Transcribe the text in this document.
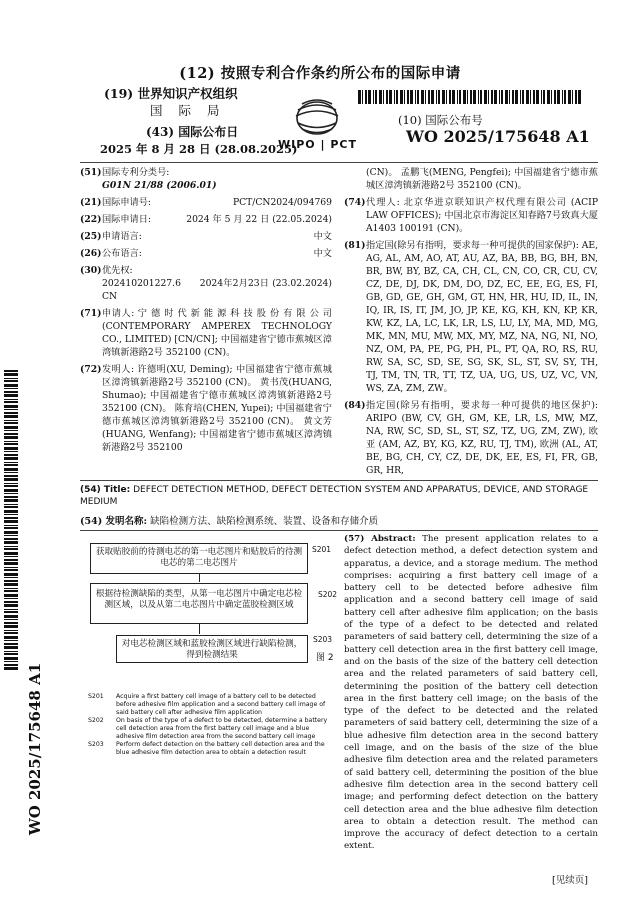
(12) 按照专利合作条约所公布的国际申请
(19) 世界知识产权组织
国 际 局
(43) 国际公布日
2025 年 8 月 28 日 (28.08.2025)
WIPO | PCT
(10) 国际公布号
WO 2025/175648 A1
(51) 国际专利分类号:
G01N 21/88 (2006.01)
(21) 国际申请号:	PCT/CN2024/094769
(22) 国际申请日:	2024 年 5 月 22 日 (22.05.2024)
(25) 申请语言:	中文
(26) 公布语言:	中文
(30) 优先权:
202410201227.6　　2024年2月23日 (23.02.2024)　CN
(71) 申请人: 宁 德 时 代 新 能 源 科 技 股 份 有 限 公 司 (CONTEMPORARY AMPEREX TECHNOLOGY CO., LIMITED) [CN/CN]; 中国福建省宁德市蕉城区漳湾镇新港路2号 352100 (CN)。
(72) 发明人: 许德明(XU, Deming); 中国福建省宁德市蕉城区漳湾镇新港路2号 352100 (CN)。 黄书茂(HUANG, Shumao); 中国福建省宁德市蕉城区漳湾镇新港路2号 352100 (CN)。 陈育培(CHEN, Yupei); 中国福建省宁德市蕉城区漳湾镇新港路2号 352100 (CN)。 黄文芳(HUANG, Wenfang); 中国福建省宁德市蕉城区漳湾镇新港路2号 352100
(CN)。 孟鹏飞(MENG, Pengfei); 中国福建省宁德市蕉城区漳湾镇新港路2号 352100 (CN)。
(74) 代理人: 北京华进京联知识产权代理有限公司 (ACIP LAW OFFICES); 中国北京市海淀区知春路7号致真大厦A1403 100191 (CN)。
(81) 指定国(除另有指明，要求每一种可提供的国家保护): AE, AG, AL, AM, AO, AT, AU, AZ, BA, BB, BG, BH, BN, BR, BW, BY, BZ, CA, CH, CL, CN, CO, CR, CU, CV, CZ, DE, DJ, DK, DM, DO, DZ, EC, EE, EG, ES, FI, GB, GD, GE, GH, GM, GT, HN, HR, HU, ID, IL, IN, IQ, IR, IS, IT, JM, JO, JP, KE, KG, KH, KN, KP, KR, KW, KZ, LA, LC, LK, LR, LS, LU, LY, MA, MD, MG, MK, MN, MU, MW, MX, MY, MZ, NA, NG, NI, NO, NZ, OM, PA, PE, PG, PH, PL, PT, QA, RO, RS, RU, RW, SA, SC, SD, SE, SG, SK, SL, ST, SV, SY, TH, TJ, TM, TN, TR, TT, TZ, UA, UG, US, UZ, VC, VN, WS, ZA, ZM, ZW。
(84) 指定国(除另有指明，要求每一种可提供的地区保护): ARIPO (BW, CV, GH, GM, KE, LR, LS, MW, MZ, NA, RW, SC, SD, SL, ST, SZ, TZ, UG, ZM, ZW), 欧亚 (AM, AZ, BY, KG, KZ, RU, TJ, TM), 欧洲 (AL, AT, BE, BG, CH, CY, CZ, DE, DK, EE, ES, FI, FR, GB, GR, HR,
(54) Title: DEFECT DETECTION METHOD, DEFECT DETECTION SYSTEM AND APPARATUS, DEVICE, AND STORAGE MEDIUM
(54) 发明名称: 缺陷检测方法、缺陷检测系统、装置、设备和存储介质
获取贴胶前的待测电芯的第一电芯图片和贴胶后的待测电芯的第二电芯图片
S201
根据待检测缺陷的类型，从第一电芯图片中确定电芯检测区域，以及从第二电芯图片中确定蓝胶检测区域
S202
对电芯检测区域和蓝胶检测区域进行缺陷检测，得到检测结果
S203
图 2
S201	Acquire a first battery cell image of a battery cell to be detected before adhesive film application and a second battery cell image of said battery cell after adhesive film application
S202	On basis of the type of a defect to be detected, determine a battery cell detection area from the first battery cell image and a blue adhesive film detection area from the second battery cell image
S203	Perform defect detection on the battery cell detection area and the blue adhesive film detection area to obtain a detection result
(57) Abstract: The present application relates to a defect detection method, a defect detection system and apparatus, a device, and a storage medium. The method comprises: acquiring a first battery cell image of a battery cell to be detected before adhesive film application and a second battery cell image of said battery cell after adhesive film application; on the basis of the type of a defect to be detected and related parameters of said battery cell, determining the size of a battery cell detection area in the first battery cell image, and on the basis of the size of the battery cell detection area and the related parameters of said battery cell, determining the position of the battery cell detection area in the first battery cell image; on the basis of the type of the defect to be detected and the related parameters of said battery cell, determining the size of a blue adhesive film detection area in the second battery cell image, and on the basis of the size of the blue adhesive film detection area and the related parameters of said battery cell, determining the position of the blue adhesive film detection area in the second battery cell image; and performing defect detection on the battery cell detection area and the blue adhesive film detection area to obtain a detection result. The method can improve the accuracy of defect detection to a certain extent.
WO 2025/175648 A1
[见续页]
